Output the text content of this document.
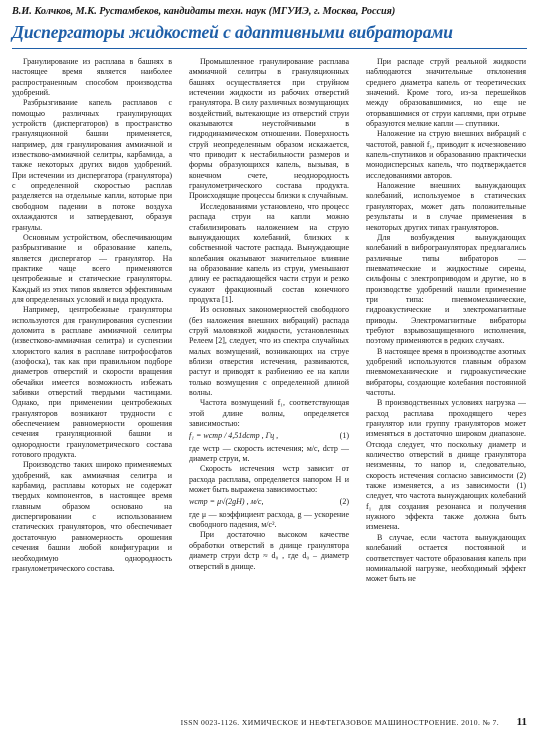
В.И. Колчков, М.К. Рустамбеков, кандидаты техн. наук (МГУИЭ, г. Москва, Россия)
Диспергаторы жидкостей с адаптивными вибраторами

Гранулирование из расплава в башнях в настоящее время является наиболее распространенным способом производства удобрений.

Разбрызгивание капель расплавов с помощью различных гранулирующих устройств (диспергаторов) в пространство грануляционной башни применяется, например, для гранулирования аммиачной и известково-аммиачной селитры, карбамида, а также некоторых других видов удобрений. При истечении из диспергатора (гранулятора) с определенной скоростью расплав разделяется на отдельные капли, которые при свободном падении в потоке воздуха охлаждаются и затвердевают, образуя гранулы.

Основным устройством, обеспечивающим разбрызгивание и образование капель, является диспергатор — гранулятор. На практике чаще всего применяются центробежные и статические грануляторы. Каждый из этих типов является эффективным для определенных условий и вида продукта.

Например, центробежные грануляторы используются для гранулирования суспензии доломита в расплаве аммиачной селитры (известково-аммиачная селитра) и суспензии хлористого калия в расплаве нитрофосфатов (азофоска), так как при правильном подборе диаметров отверстий и скорости вращения обечайки имеется возможность избежать забивки отверстий твердыми частицами. Однако, при применении центробежных грануляторов возникают трудности с обеспечением равномерности орошения сечения грануляционной башни и однородности гранулометрического состава готового продукта.

Производство таких широко применяемых удобрений, как аммиачная селитра и карбамид, расплавы которых не содержат твердых компонентов, в настоящее время главным образом основано на диспергировании с использованием статических грануляторов, что обеспечивает достаточную равномерность орошения сечения башни любой конфигурации и необходимую однородность гранулометрического состава.

Промышленное гранулирование расплава аммиачной селитры в грануляционных башнях осуществляется при струйном истечении жидкости из рабочих отверстий гранулятора. В силу различных возмущающих воздействий, вытекающие из отверстий струи оказываются неустойчивыми в гидродинамическом отношении. Поверхность струй неопределенным образом искажается, что приводит к нестабильности размеров и формы образующихся капель, вызывая, в конечном счете, неоднородность гранулометрического состава продукта. Происходящие процессы близки к случайным.

Исследованиями установлено, что процесс распада струи на капли можно стабилизировать наложением на струю вынуждающих колебаний, близких к собственной частоте распада. Вынуждающие колебания оказывают значительное влияние на образование капель из струи, уменьшают длину ее распадающейся части струи и резко сужают фракционный состав конечного продукта [1].

Из основных закономерностей свободного (без наложения внешних вибраций) распада струй маловязкой жидкости, установленных Релеем [2], следует, что из спектра случайных малых возмущений, возникающих на струе вблизи отверстия истечения, развиваются, растут и приводят к разбиению ее на капли только возмущения с определенной длиной волны.

Частота возмущений f₁, соответствующая этой длине волны, определяется зависимостью:

f₁ = wстр / 4,51dстр , Гц ,	(1)

где wстр — скорость истечения; м/с, dстр — диаметр струи, м.

Скорость истечения wстр зависит от расхода расплава, определяется напором H и может быть выражена зависимостью:

wстр = μ√(2gH) , м/с,	(2)

где μ — коэффициент расхода, g — ускорение свободного падения, м/с².

При достаточно высоком качестве обработки отверстий в днище гранулятора диаметр струи dстр ≈ d₀ , где d₀ – диаметр отверстий в днище.

При распаде струй реальной жидкости наблюдаются значительные отклонения среднего диаметра капель от теоретических значений. Кроме того, из-за перешейков между образовавшимися, но еще не оторвавшимися от струи каплями, при отрыве образуются мелкие капли — спутники.

Наложение на струю внешних вибраций с частотой, равной f₁, приводит к исчезновению капель-спутников и образованию практически монодисперсных капель, что подтверждается исследованиями авторов.

Наложение внешних вынуждающих колебаний, используемое в статических грануляторах, может дать положительные результаты и в случае применения в некоторых других типах грануляторов.

Для возбуждения вынуждающих колебаний в виброгрануляторах предлагались различные типы вибраторов — пневматические и жидкостные сирены, сильфоны с электроприводом и другие, но в производстве удобрений нашли применение три типа: пневмомеханические, гидроакустические и электромагнитные приводы. Электромагнитные вибраторы требуют взрывозащищенного исполнения, поэтому применяются в редких случаях.

В настоящее время в производстве азотных удобрений используются главным образом пневмомеханические и гидроакустические вибраторы, создающие колебания постоянной частоты.

В производственных условиях нагрузка — расход расплава проходящего через гранулятор или группу грануляторов может изменяться в достаточно широком диапазоне. Отсюда следует, что поскольку диаметр и количество отверстий в днище гранулятора неизменны, то напор и, следовательно, скорость истечения согласно зависимости (2) также изменяется, а из зависимости (1) следует, что частота вынуждающих колебаний f₁ для создания резонанса и получения нужного эффекта также должна быть изменена.

В случае, если частота вынуждающих колебаний остается постоянной и соответствует частоте образования капель при номинальной нагрузке, необходимый эффект может быть не

ISSN 0023-1126. ХИМИЧЕСКОЕ И НЕФТЕГАЗОВОЕ МАШИНОСТРОЕНИЕ. 2010. № 7. 11
